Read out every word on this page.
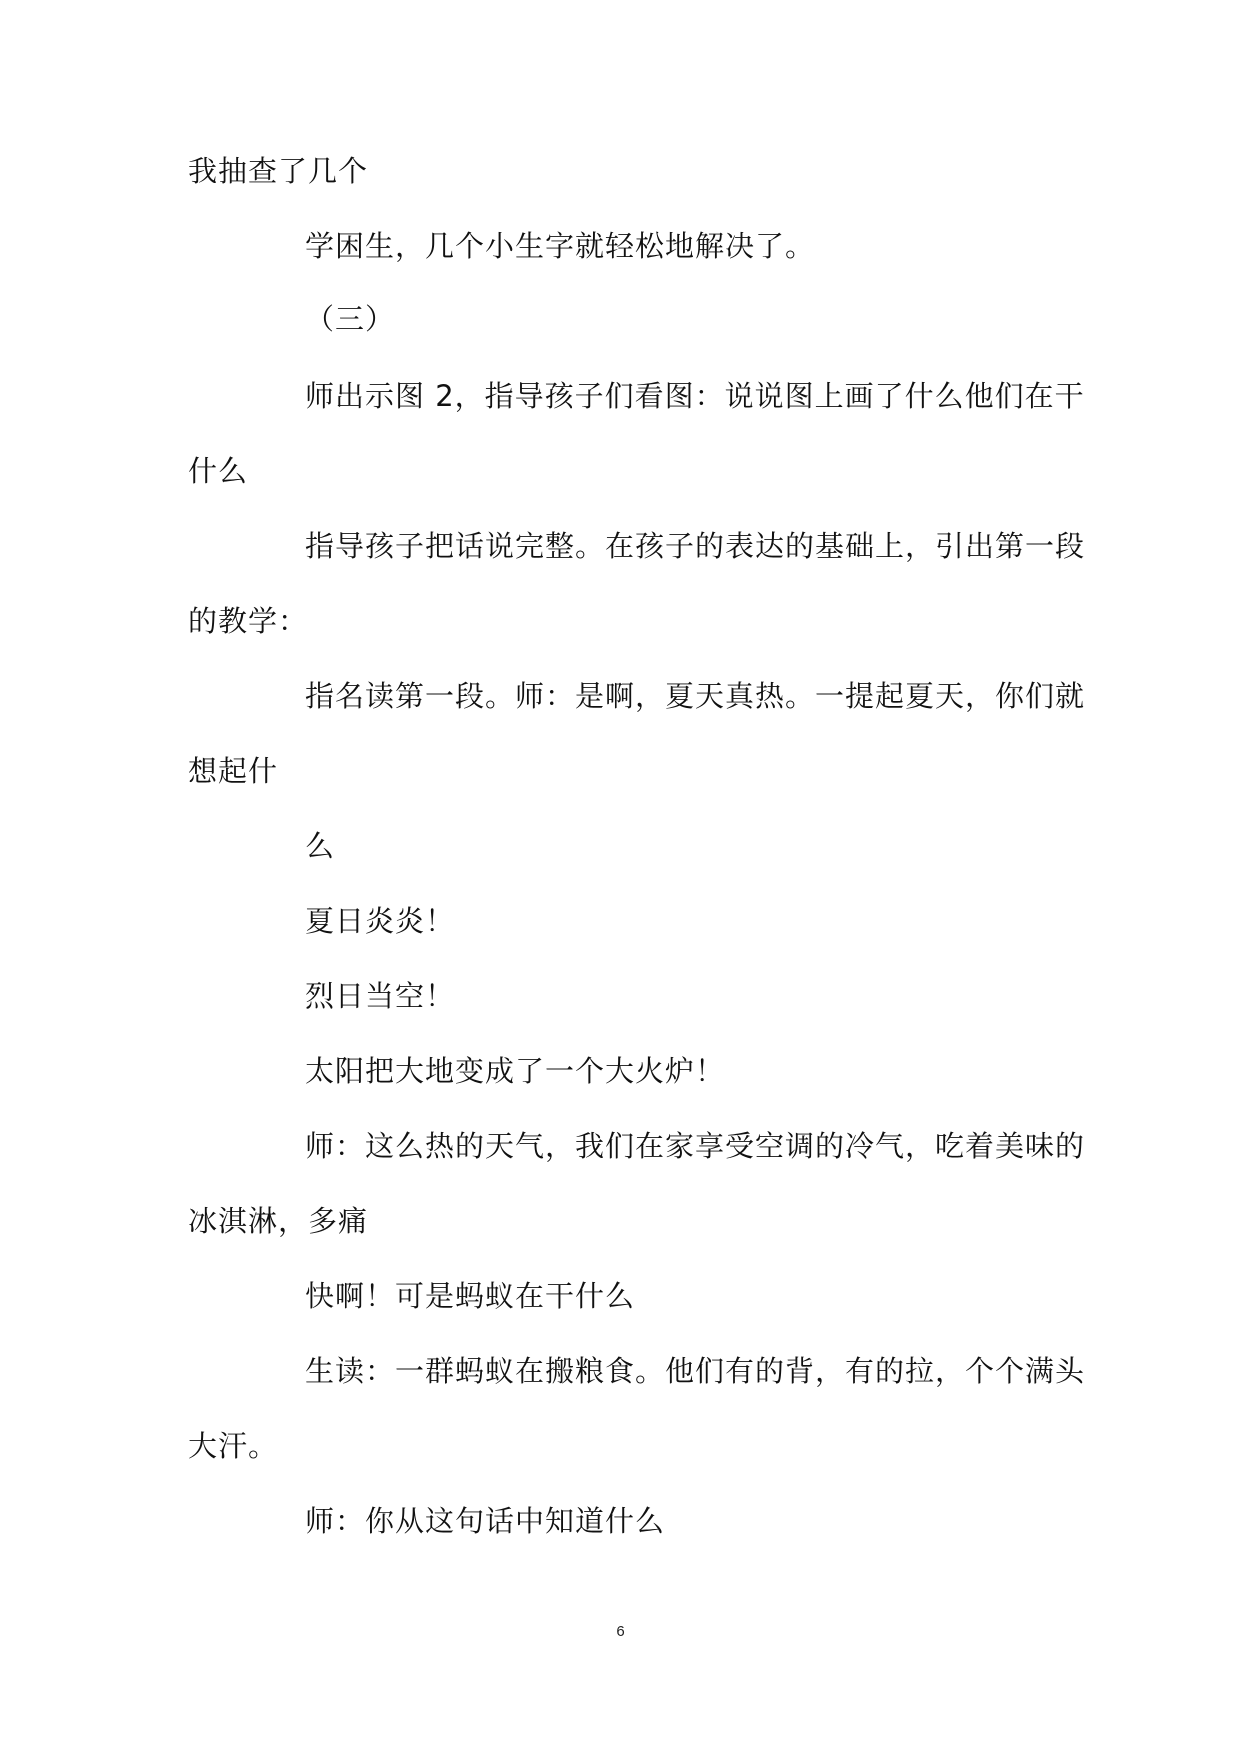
我抽查了几个
学困生，几个小生字就轻松地解决了。
（三）
师出示图 2，指导孩子们看图：说说图上画了什么他们在干
什么
指导孩子把话说完整。在孩子的表达的基础上，引出第一段
的教学：
指名读第一段。师：是啊，夏天真热。一提起夏天，你们就
想起什
么
夏日炎炎！
烈日当空！
太阳把大地变成了一个大火炉！
师：这么热的天气，我们在家享受空调的冷气，吃着美味的
冰淇淋，多痛
快啊！可是蚂蚁在干什么
生读：一群蚂蚁在搬粮食。他们有的背，有的拉，个个满头
大汗。
师：你从这句话中知道什么
6
